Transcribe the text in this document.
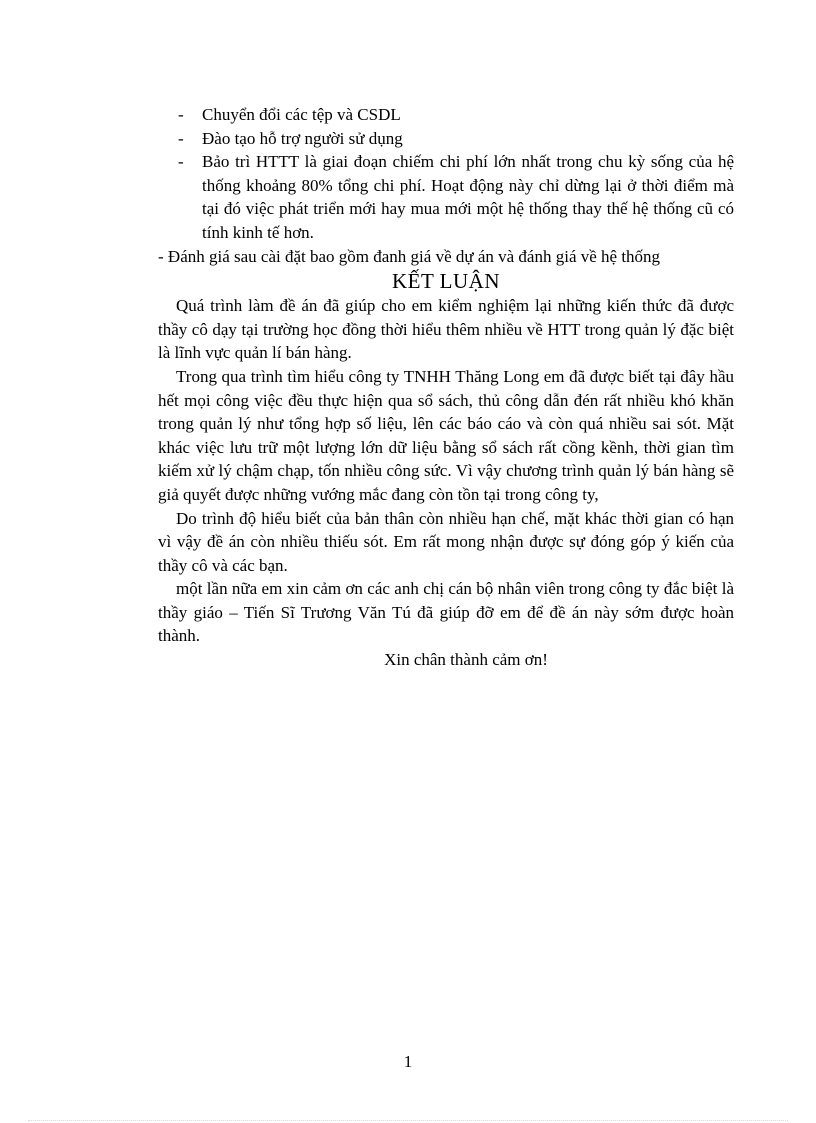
- Chuyển đổi các tệp và CSDL
- Đào tạo hỗ trợ người sử dụng
- Bảo trì HTTT là giai đoạn chiếm chi phí lớn nhất trong chu kỳ sống của hệ thống khoảng 80% tổng chi phí. Hoạt động này chỉ dừng lại ở thời điểm mà tại đó việc phát triển mới hay mua mới một hệ thống thay thế hệ thống cũ có tính kinh tế hơn.

- Đánh giá sau cài đặt bao gồm đanh giá về dự án và đánh giá về hệ thống

KẾT LUẬN

Quá trình làm đề án đã giúp cho em kiểm nghiệm lại những kiến thức đã được thầy cô dạy tại trường học đồng thời hiểu thêm nhiều về HTT trong quản lý đặc biệt là lĩnh vực quản lí bán hàng.

Trong qua trình tìm hiểu công ty TNHH Thăng Long em đã được biết tại đây hầu hết mọi công việc đều thực hiện qua sổ sách, thủ công dẫn đén rất nhiều khó khăn trong quản lý như tổng hợp số liệu, lên các báo cáo và còn quá nhiều sai sót. Mặt khác việc lưu trữ một lượng lớn dữ liệu bằng sổ sách rất cồng kềnh, thời gian tìm kiếm xử lý chậm chạp, tốn nhiều công sức. Vì vậy chương trình quản lý bán hàng sẽ giả quyết được những vướng mắc đang còn tồn tại trong công ty,

Do trình độ hiểu biết của bản thân còn nhiều hạn chế, mặt khác thời gian có hạn vì vậy đề án còn nhiều thiếu sót. Em rất mong nhận được sự đóng góp ý kiến của thầy cô và các bạn.

một lần nữa em xin cảm ơn các anh chị cán bộ nhân viên trong công ty đắc biệt là thầy giáo – Tiến Sĩ Trương Văn Tú đã giúp đỡ em để đề án này sớm được hoàn thành.

Xin chân thành cảm ơn!

1
